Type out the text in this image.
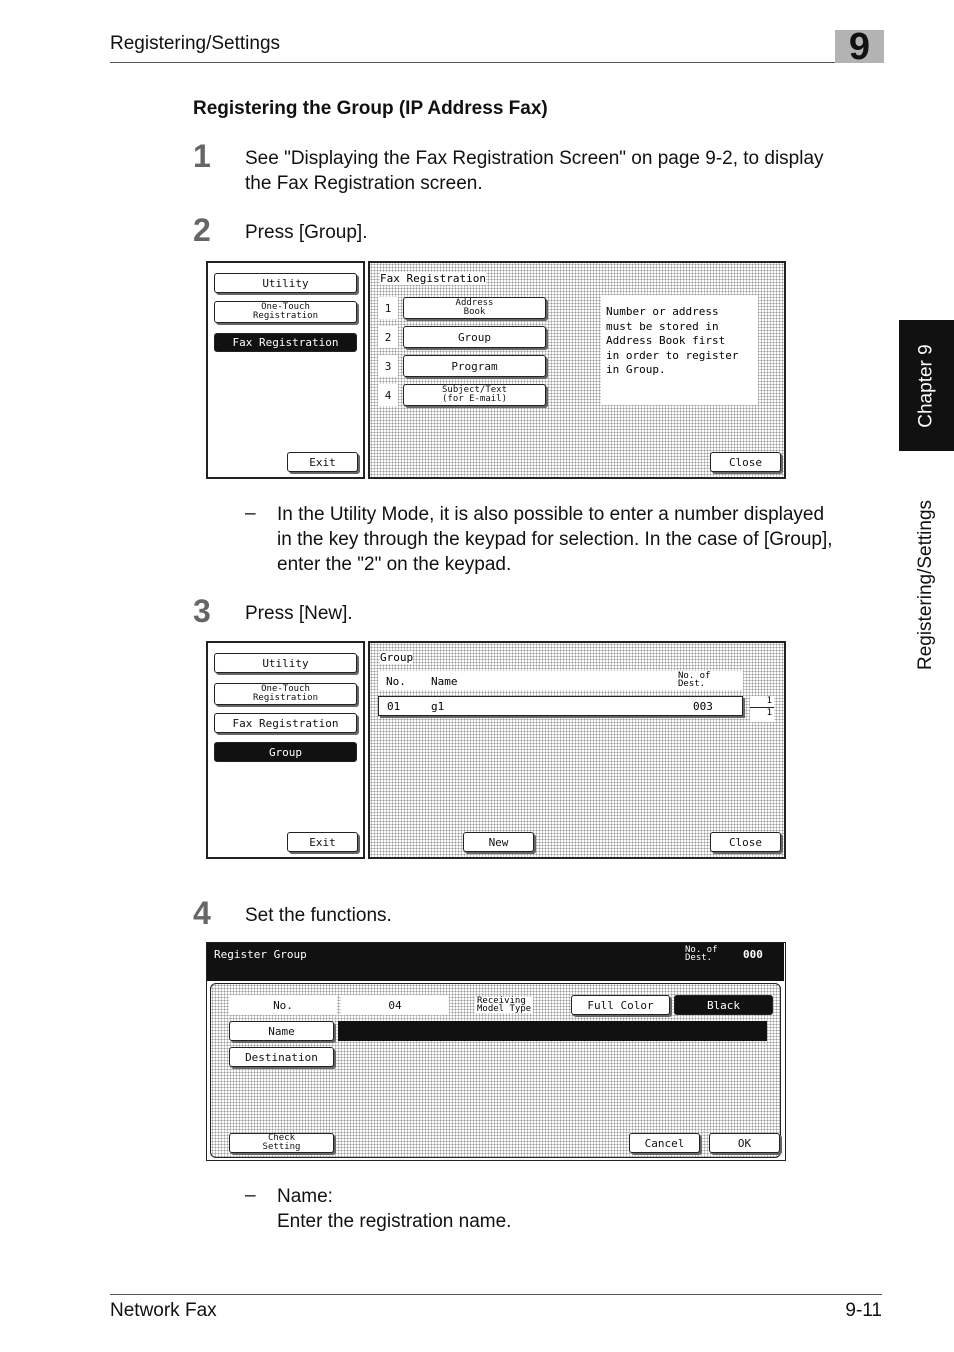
Registering/Settings	9
Chapter 9
Registering/Settings
Registering the Group (IP Address Fax)
1 See "Displaying the Fax Registration Screen" on page 9-2, to display
the Fax Registration screen.
2 Press [Group].
Utility
One-Touch
Registration
Fax Registration
Exit
Fax Registration
1	Address
Book
2	Group
3	Program
4	Subject/Text
(for E-mail)
Number or address
must be stored in
Address Book first
in order to register
in Group.
Close
– In the Utility Mode, it is also possible to enter a number displayed
in the key through the keypad for selection. In the case of [Group],
enter the "2" on the keypad.
3 Press [New].
Utility
One-Touch
Registration
Fax Registration
Group
Exit
Group
No. Name	No. of
Dest.
01	g1	003	1
1
New	Close
4 Set the functions.
Register Group	No. of
Dest.	000
No.	04	Receiving
Model Type	Full Color	Black
Name
Destination
Check
Setting	Cancel	OK
– Name:
Enter the registration name.
Network Fax	9-11
